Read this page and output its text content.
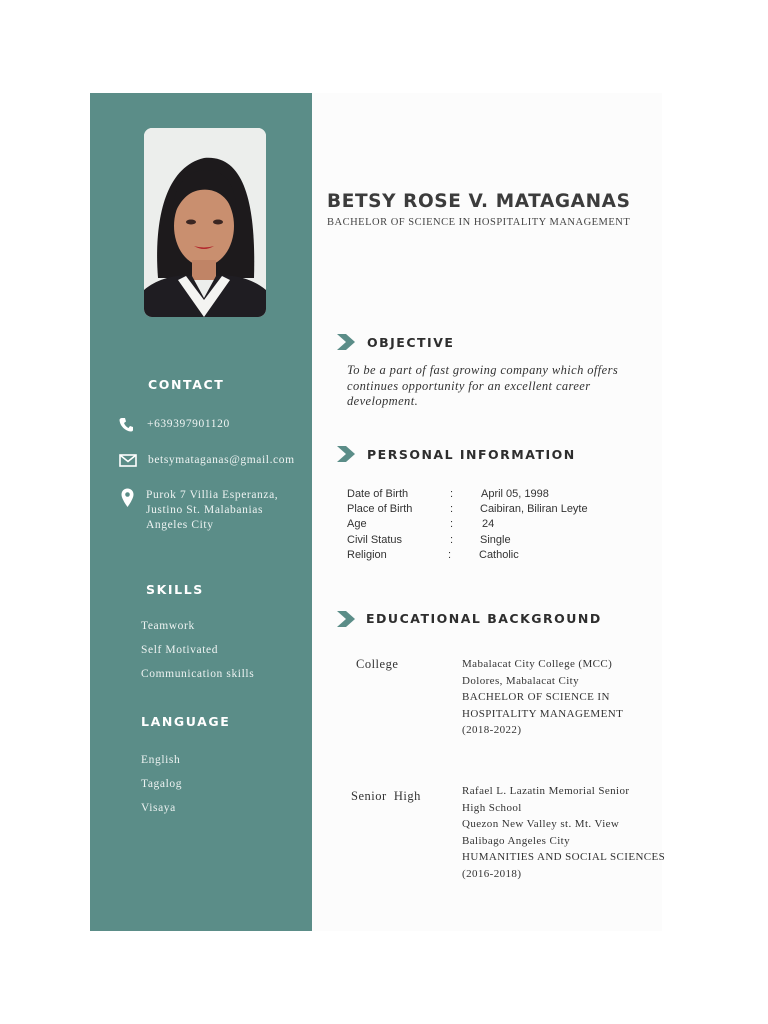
CONTACT
+639397901120
betsymataganas@gmail.com
Purok 7 Villia Esperanza,
Justino St. Malabanias
Angeles City
SKILLS
Teamwork
Self Motivated
Communication skills
LANGUAGE
English
Tagalog
Visaya
BETSY ROSE V. MATAGANAS
BACHELOR OF SCIENCE IN HOSPITALITY MANAGEMENT
OBJECTIVE
To be a part of fast growing company which offers
continues opportunity for an excellent career
development.
PERSONAL INFORMATION
Date of Birth	:	April 05, 1998
Place of Birth	: Caibiran, Biliran Leyte
Age	:	24
Civil Status	: Single
Religion	:	Catholic
EDUCATIONAL BACKGROUND
College	Mabalacat City College (MCC)
Dolores, Mabalacat City
BACHELOR OF SCIENCE IN
HOSPITALITY MANAGEMENT
(2018-2022)
Senior  High	Rafael L. Lazatin Memorial Senior
High School
Quezon New Valley st. Mt. View
Balibago Angeles City
HUMANITIES AND SOCIAL SCIENCES
(2016-2018)
